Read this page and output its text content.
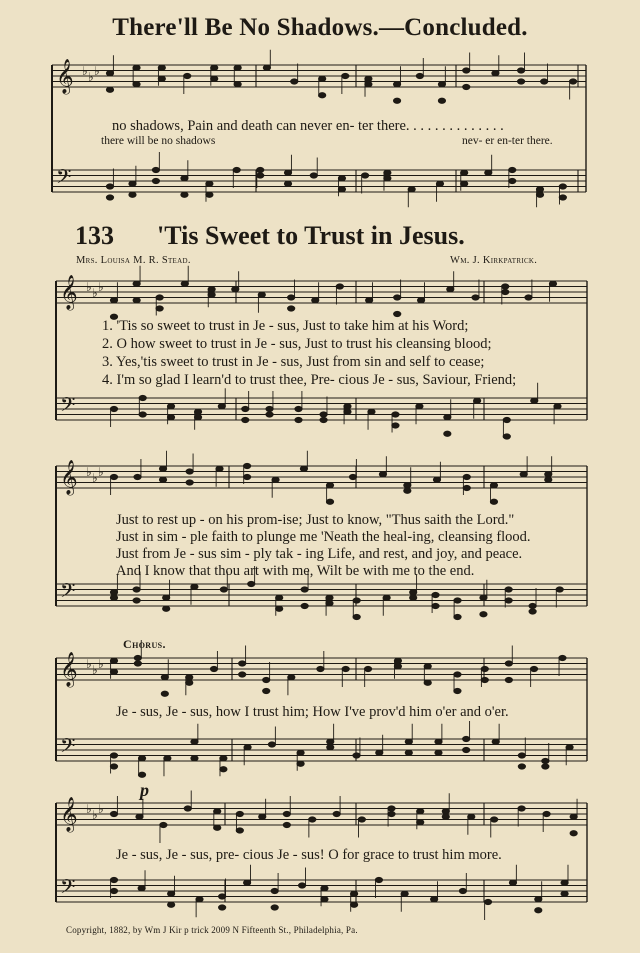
There'll Be No Shadows.—Concluded.
𝄞
𝄢
♭ ♭ ♭
𝄞
𝄢
♭ ♭ ♭
𝄞
𝄢
♭ ♭ ♭
𝄞
𝄢
♭ ♭ ♭
𝄞
𝄢
♭ ♭ ♭
no shadows, Pain and death can never en- ter there. . . . . . . . . . . . . .
there will be no shadows	nev- er en-ter there.
133 'Tis Sweet to Trust in Jesus.
Mrs. Louisa M. R. Stead.	Wm. J. Kirkpatrick.
1. 'Tis so sweet to trust in Je - sus, Just to take him at his Word;
2. O how sweet to trust in Je - sus, Just to trust his cleansing blood;
3. Yes,'tis sweet to trust in Je - sus, Just from sin and self to cease;
4. I'm so glad I learn'd to trust thee, Pre- cious Je - sus, Saviour, Friend;
Just to rest up - on his prom-ise; Just to know, "Thus saith the Lord."
Just in sim - ple faith to plunge me 'Neath the heal-ing, cleansing flood.
Just from Je - sus sim - ply tak - ing Life, and rest, and joy, and peace.
And I know that thou art with me, Wilt be with me to the end.
Chorus.
Je - sus, Je - sus, how I trust him; How I've prov'd him o'er and o'er.
p
Je - sus, Je - sus, pre- cious Je - sus! O for grace to trust him more.
Copyright, 1882, by Wm J Kir p trick 2009 N Fifteenth St., Philadelphia, Pa.
